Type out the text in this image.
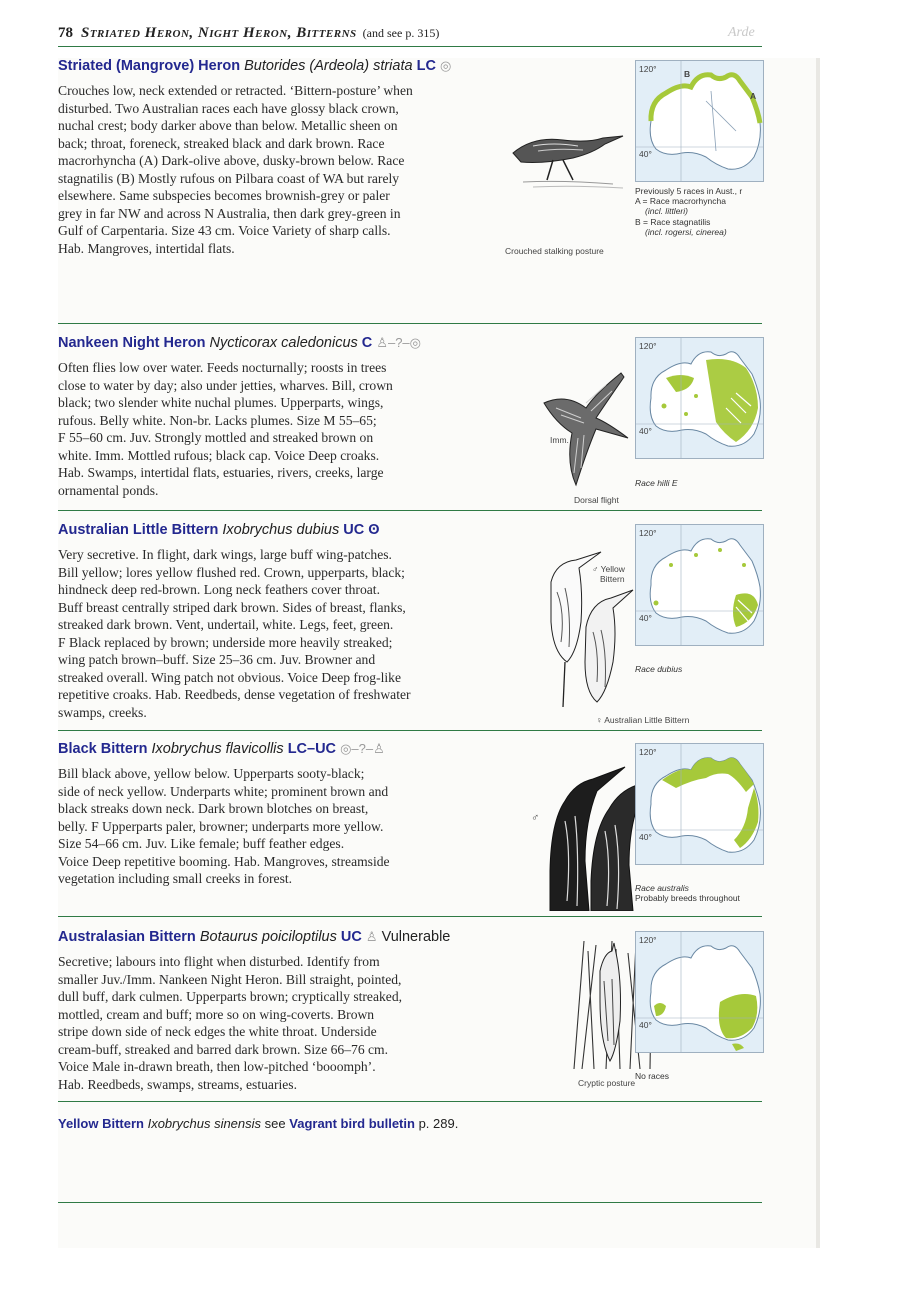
78 Striated Heron, Night Heron, Bitterns (and see p. 315)	Arde
Striated (Mangrove) Heron Butorides (Ardeola) striata LC ◎
Crouches low, neck extended or retracted. ‘Bittern-posture’ when
disturbed. Two Australian races each have glossy black crown,
nuchal crest; body darker above than below. Metallic sheen on
back; throat, foreneck, streaked black and dark brown. Race
macrorhyncha (A) Dark-olive above, dusky-brown below. Race
stagnatilis (B) Mostly rufous on Pilbara coast of WA but rarely
elsewhere. Same subspecies becomes brownish-grey or paler
grey in far NW and across N Australia, then dark grey-green in
Gulf of Carpentaria. Size 43 cm. Voice Variety of sharp calls.
Hab. Mangroves, intertidal flats.	Crouched stalking posture
120°
40°
A
B
Previously 5 races in Aust., r
A = Race macrorhyncha
(incl. littleri)
B = Race stagnatilis
(incl. rogersi, cinerea)
Nankeen Night Heron Nycticorax caledonicus C ♙–?–◎
Often flies low over water. Feeds nocturnally; roosts in trees
close to water by day; also under jetties, wharves. Bill, crown
black; two slender white nuchal plumes. Upperparts, wings,
rufous. Belly white. Non-br. Lacks plumes. Size M 55–65;
F 55–60 cm. Juv. Strongly mottled and streaked brown on
white. Imm. Mottled rufous; black cap. Voice Deep croaks.
Hab. Swamps, intertidal flats, estuaries, rivers, creeks, large
ornamental ponds.
Imm.
Dorsal flight
120°
40°
Race hilli E
Australian Little Bittern Ixobrychus dubius UC ʘ
Very secretive. In flight, dark wings, large buff wing-patches.
Bill yellow; lores yellow flushed red. Crown, upperparts, black;
hindneck deep red-brown. Long neck feathers cover throat.
Buff breast centrally striped dark brown. Sides of breast, flanks,
streaked dark brown. Vent, undertail, white. Legs, feet, green.
F Black replaced by brown; underside more heavily streaked;
wing patch brown–buff. Size 25–36 cm. Juv. Browner and
streaked overall. Wing patch not obvious. Voice Deep frog-like
repetitive croaks. Hab. Reedbeds, dense vegetation of freshwater
swamps, creeks.
♂ Yellow
Bittern
♀ Australian Little Bittern
120°
40°
Race dubius
Black Bittern Ixobrychus flavicollis LC–UC ◎–?–♙
Bill black above, yellow below. Upperparts sooty-black;
side of neck yellow. Underparts white; prominent brown and
black streaks down neck. Dark brown blotches on breast,
belly. F Upperparts paler, browner; underparts more yellow.
Size 54–66 cm. Juv. Like female; buff feather edges.
Voice Deep repetitive booming. Hab. Mangroves, streamside
vegetation including small creeks in forest.
♂
120°
40°
Race australis
Probably breeds throughout
Australasian Bittern Botaurus poiciloptilus UC ♙ Vulnerable
Secretive; labours into flight when disturbed. Identify from
smaller Juv./Imm. Nankeen Night Heron. Bill straight, pointed,
dull buff, dark culmen. Upperparts brown; cryptically streaked,
mottled, cream and buff; more so on wing-coverts. Brown
stripe down side of neck edges the white throat. Underside
cream-buff, streaked and barred dark brown. Size 66–76 cm.
Voice Male in-drawn breath, then low-pitched ‘booomph’.
Hab. Reedbeds, swamps, streams, estuaries.	Cryptic posture
120°
40°
No races
Yellow Bittern Ixobrychus sinensis see Vagrant bird bulletin p. 289.
